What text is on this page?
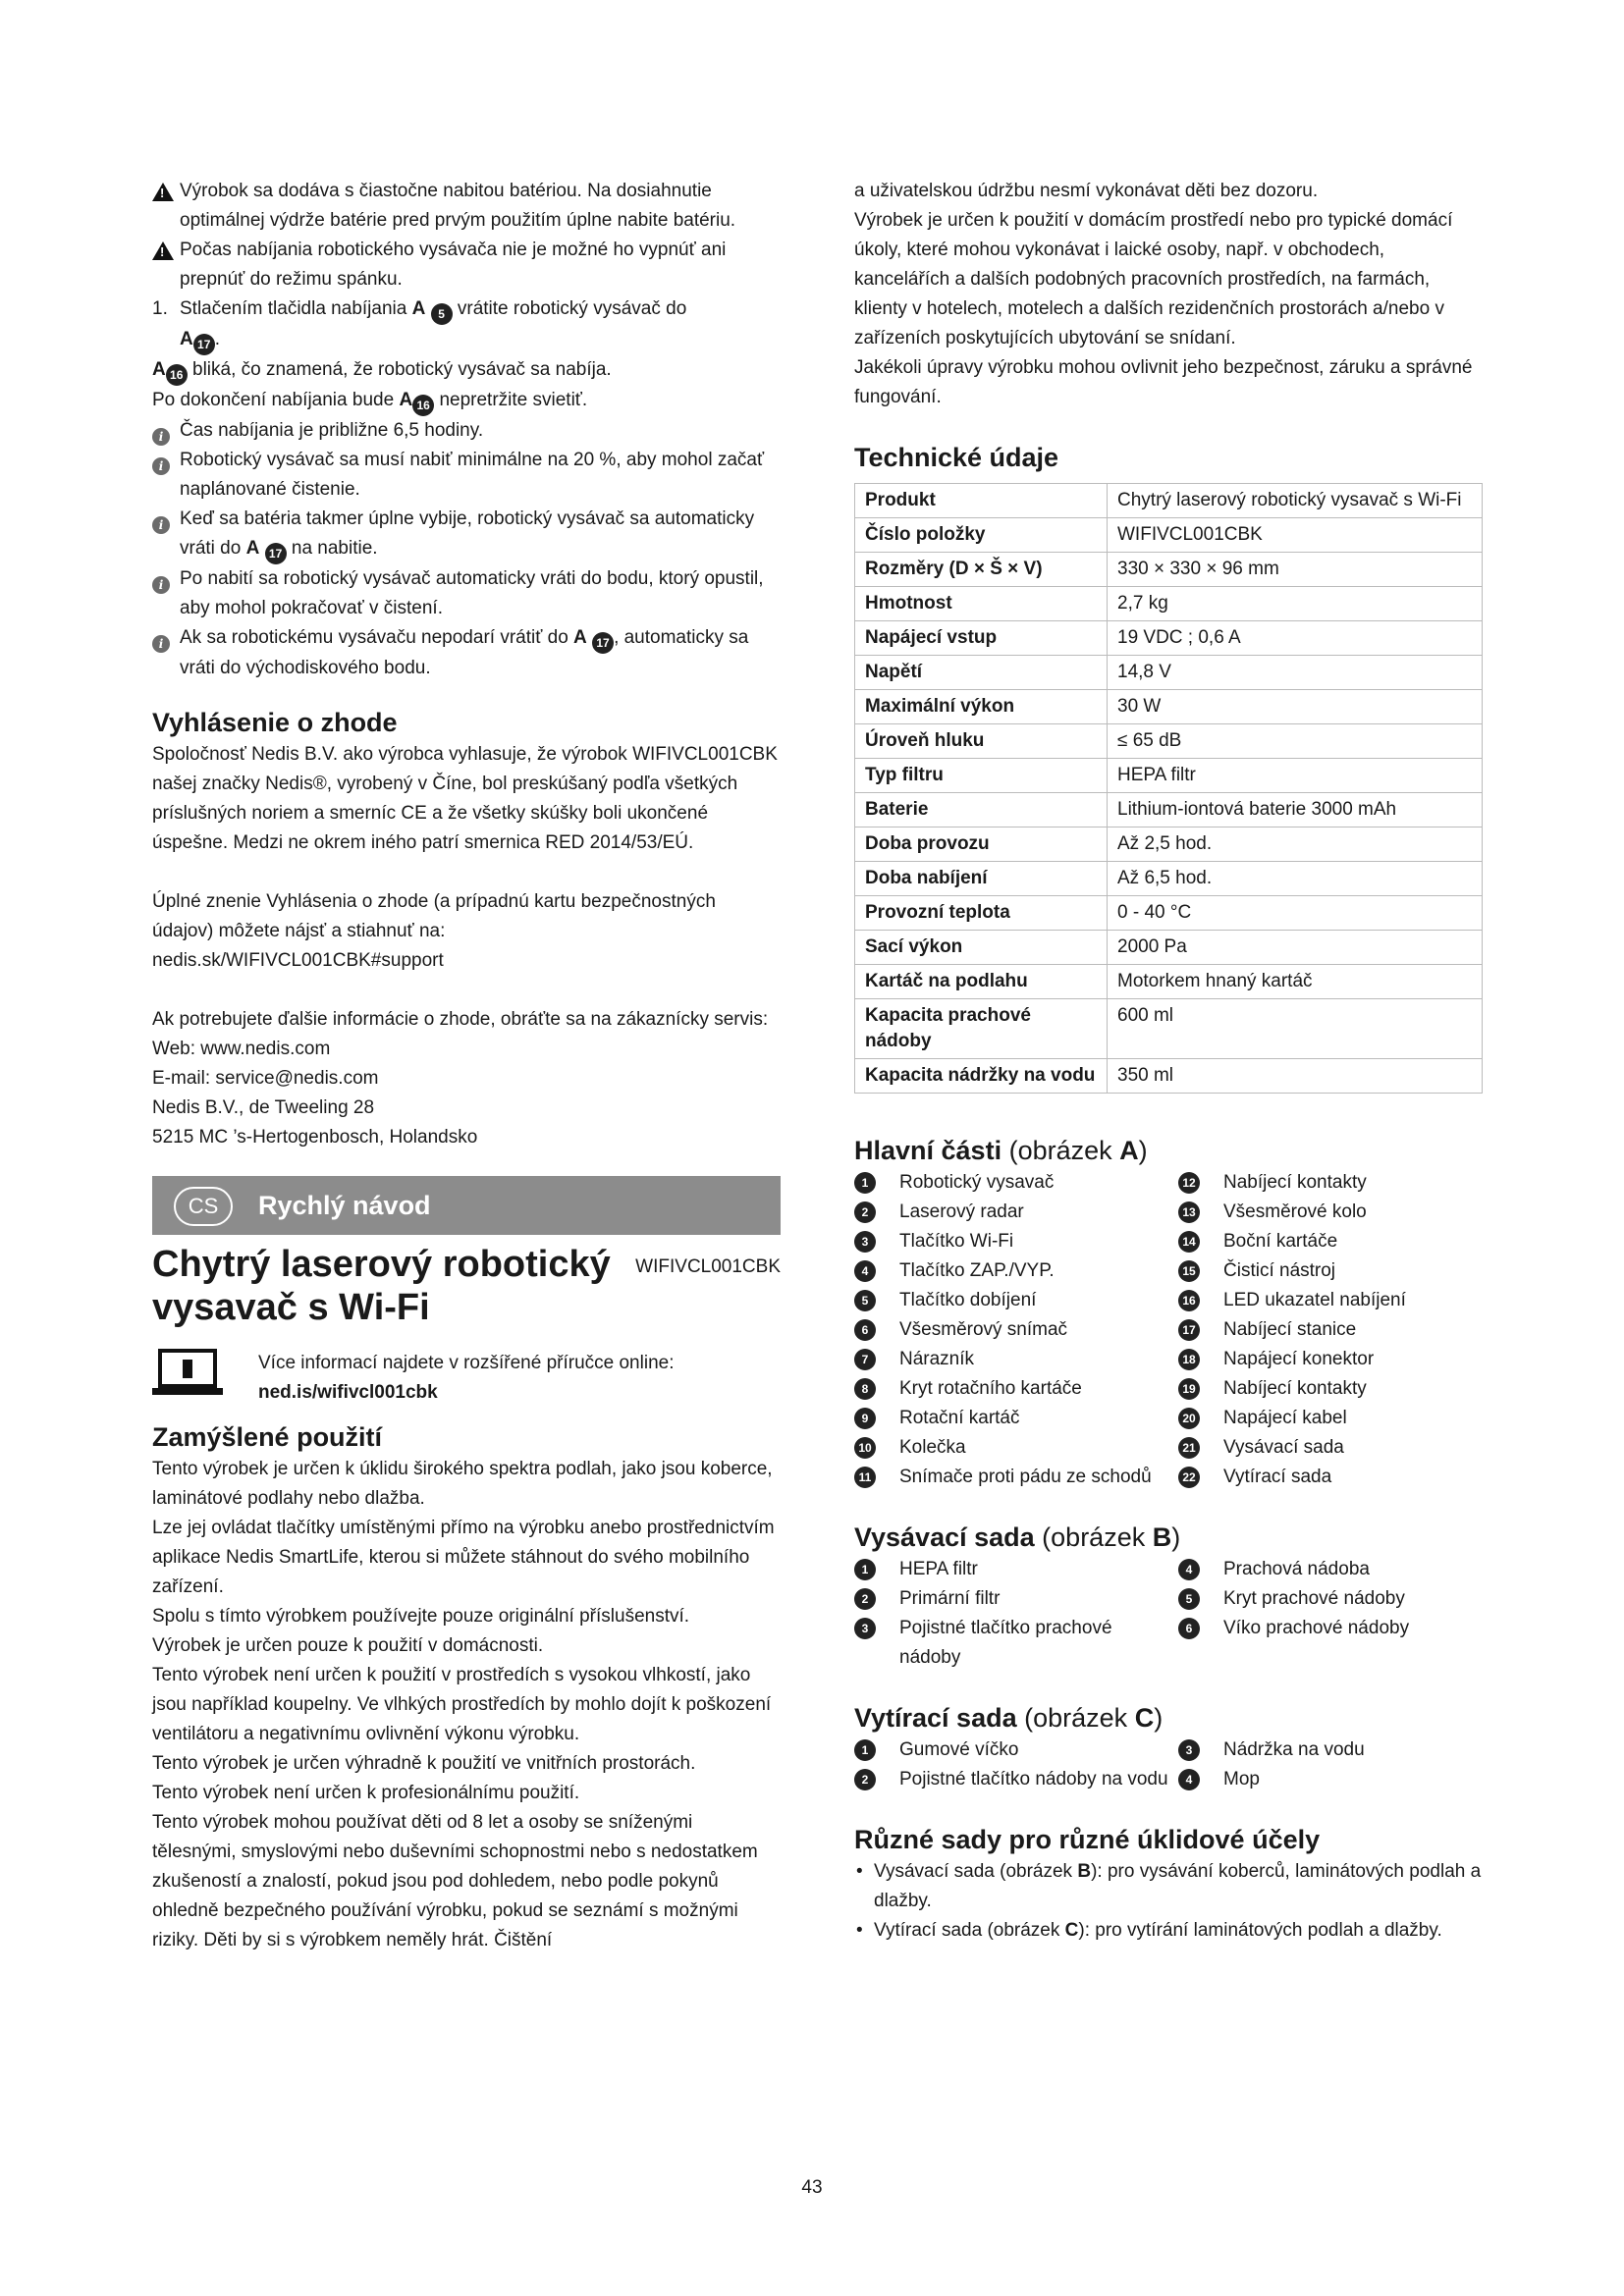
! Výrobok sa dodáva s čiastočne nabitou batériou. Na dosiahnutie optimálnej výdrže batérie pred prvým použitím úplne nabite batériu.
! Počas nabíjania robotického vysávača nie je možné ho vypnúť ani prepnúť do režimu spánku.
1. Stlačením tlačidla nabíjania A 5 vrátite robotický vysávač do
A 17 .

A 16 bliká, čo znamená, že robotický vysávač sa nabíja.

Po dokončení nabíjania bude A 16 nepretržite svietiť.

i Čas nabíjania je približne 6,5 hodiny.
i Robotický vysávač sa musí nabiť minimálne na 20 %, aby mohol začať naplánované čistenie.
i Keď sa batéria takmer úplne vybije, robotický vysávač sa automaticky vráti do A 17 na nabitie.
i Po nabití sa robotický vysávač automaticky vráti do bodu, ktorý opustil, aby mohol pokračovať v čistení.
i Ak sa robotickému vysávaču nepodarí vrátiť do A 17 , automaticky sa vráti do východiskového bodu.
Vyhlásenie o zhode

Spoločnosť Nedis B.V. ako výrobca vyhlasuje, že výrobok WIFIVCL001CBK našej značky Nedis®, vyrobený v Číne, bol preskúšaný podľa všetkých príslušných noriem a smerníc CE a že všetky skúšky boli ukončené úspešne. Medzi ne okrem iného patrí smernica RED 2014/53/EÚ.

Úplné znenie Vyhlásenia o zhode (a prípadnú kartu bezpečnostných údajov) môžete nájsť a stiahnuť na:

nedis.sk/WIFIVCL001CBK#support

Ak potrebujete ďalšie informácie o zhode, obráťte sa na zákaznícky servis:

Web: www.nedis.com

E-mail: service@nedis.com

Nedis B.V., de Tweeling 28

5215 MC ’s-Hertogenbosch, Holandsko

CS	Rychlý návod

Chytrý laserový robotický

vysavač s Wi-Fi

WIFIVCL001CBK

Více informací najdete v rozšířené příručce online:

ned.is/wifivcl001cbk

Zamýšlené použití

Tento výrobek je určen k úklidu širokého spektra podlah, jako jsou koberce, laminátové podlahy nebo dlažba.

Lze jej ovládat tlačítky umístěnými přímo na výrobku anebo prostřednictvím aplikace Nedis SmartLife, kterou si můžete stáhnout do svého mobilního zařízení.

Spolu s tímto výrobkem používejte pouze originální příslušenství.

Výrobek je určen pouze k použití v domácnosti.

Tento výrobek není určen k použití v prostředích s vysokou vlhkostí, jako jsou například koupelny. Ve vlhkých prostředích by mohlo dojít k poškození ventilátoru a negativnímu ovlivnění výkonu výrobku.

Tento výrobek je určen výhradně k použití ve vnitřních prostorách.

Tento výrobek není určen k profesionálnímu použití.

Tento výrobek mohou používat děti od 8 let a osoby se sníženými tělesnými, smyslovými nebo duševními schopnostmi nebo s nedostatkem zkušeností a znalostí, pokud jsou pod dohledem, nebo podle pokynů ohledně bezpečného používání výrobku, pokud se seznámí s možnými riziky. Děti by si s výrobkem neměly hrát. Čištění

a uživatelskou údržbu nesmí vykonávat děti bez dozoru.

Výrobek je určen k použití v domácím prostředí nebo pro typické domácí úkoly, které mohou vykonávat i laické osoby, např. v obchodech, kancelářích a dalších podobných pracovních prostředích, na farmách, klienty v hotelech, motelech a dalších rezidenčních prostorách a/nebo v zařízeních poskytujících ubytování se snídaní.

Jakékoli úpravy výrobku mohou ovlivnit jeho bezpečnost, záruku a správné fungování.

Technické údaje
Produkt	Chytrý laserový robotický vysavač s Wi-Fi
Číslo položky	WIFIVCL001CBK
Rozměry (D × Š × V)	330 × 330 × 96 mm
Hmotnost	2,7 kg
Napájecí vstup	19 VDC ; 0,6 A
Napětí	14,8 V
Maximální výkon	30 W
Úroveň hluku	≤ 65 dB
Typ filtru	HEPA filtr
Baterie	Lithium-iontová baterie 3000 mAh
Doba provozu	Až 2,5 hod.
Doba nabíjení	Až 6,5 hod.
Provozní teplota	0 - 40 °C
Sací výkon	2000 Pa
Kartáč na podlahu	Motorkem hnaný kartáč
Kapacita prachové nádoby	600 ml
Kapacita nádržky na vodu	350 ml
Hlavní části (obrázek A)
1	Robotický vysavač
2	Laserový radar
3	Tlačítko Wi-Fi
4	Tlačítko ZAP./VYP.
5	Tlačítko dobíjení
6	Všesměrový snímač
7	Nárazník
8	Kryt rotačního kartáče
9	Rotační kartáč
10 Kolečka
11 Snímače proti pádu ze schodů
12 Nabíjecí kontakty
13 Všesměrové kolo
14 Boční kartáče
15 Čisticí nástroj
16 LED ukazatel nabíjení
17 Nabíjecí stanice
18 Napájecí konektor
19 Nabíjecí kontakty
20 Napájecí kabel
21 Vysávací sada
22 Vytírací sada
Vysávací sada (obrázek B)
1	HEPA filtr
2	Primární filtr
3	Pojistné tlačítko prachové nádoby
4	Prachová nádoba
5	Kryt prachové nádoby
6	Víko prachové nádoby
Vytírací sada (obrázek C)
1	Gumové víčko
2	Pojistné tlačítko nádoby na vodu
3	Nádržka na vodu
4	Mop
Různé sady pro různé úklidové účely
• Vysávací sada (obrázek B): pro vysávání koberců, laminátových podlah a dlažby.
• Vytírací sada (obrázek C): pro vytírání laminátových podlah a dlažby.
43
